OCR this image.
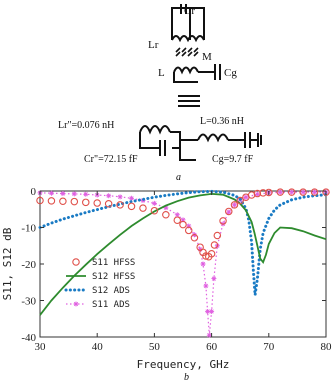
Cr
Lr
M
L	Cg
Lr"=0.076 nH	L=0.36 nH
Cr"=72.15 fF	Cg=9.7 fF
a
30	40	50	60	70	80
0
-10
-20
-30
-40
S11 HFSS
S12 HFSS
S12 ADS
S11 ADS
Frequency, GHz
S11, S12 dB
b
